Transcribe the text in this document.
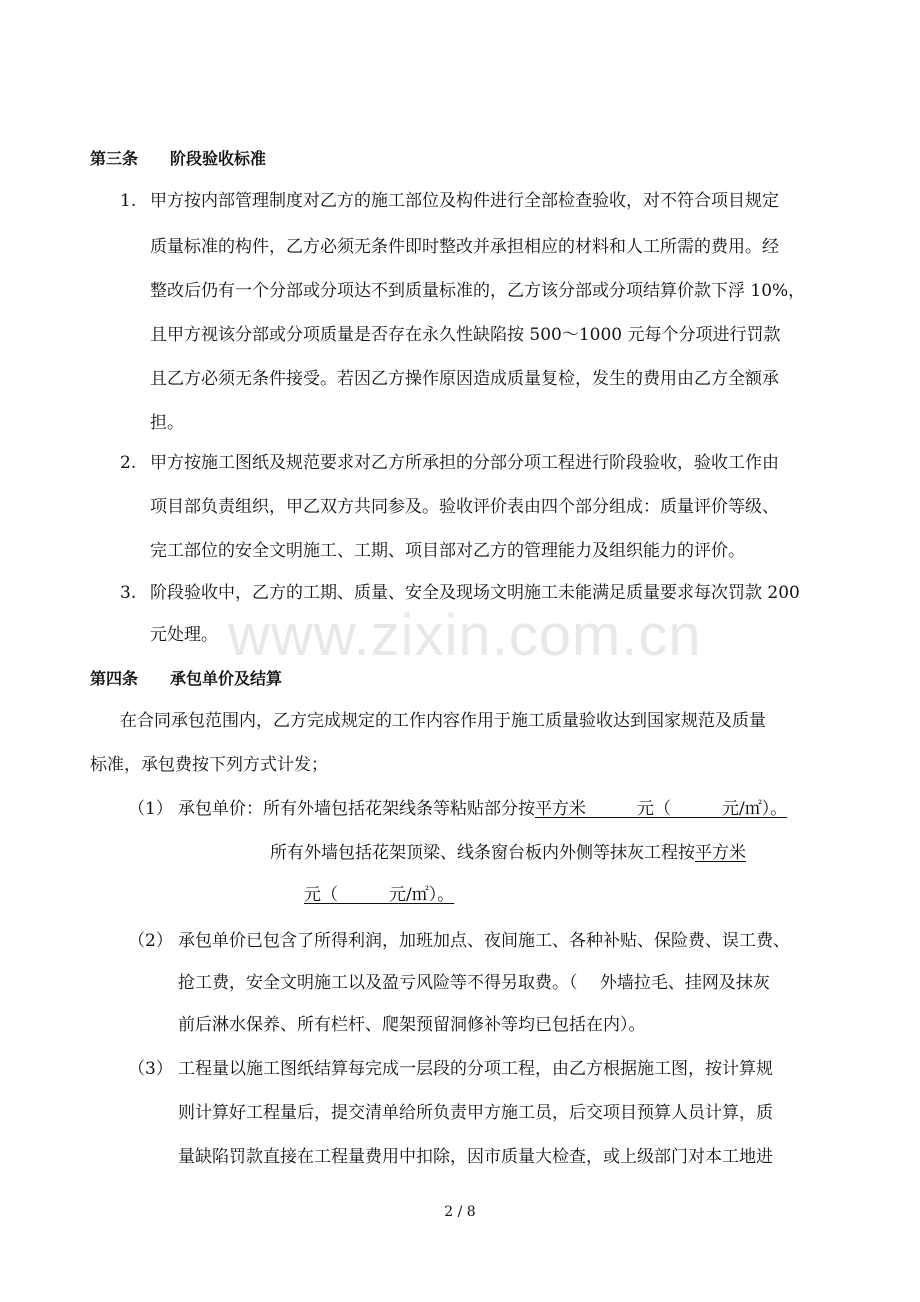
第三条 阶段验收标准
1. 甲方按内部管理制度对乙方的施工部位及构件进行全部检查验收，对不符合项目规定
质量标准的构件，乙方必须无条件即时整改并承担相应的材料和人工所需的费用。经
整改后仍有一个分部或分项达不到质量标准的，乙方该分部或分项结算价款下浮 10%，
且甲方视该分部或分项质量是否存在永久性缺陷按 500～1000 元每个分项进行罚款
且乙方必须无条件接受。若因乙方操作原因造成质量复检，发生的费用由乙方全额承
担。
2. 甲方按施工图纸及规范要求对乙方所承担的分部分项工程进行阶段验收，验收工作由
项目部负责组织，甲乙双方共同参及。验收评价表由四个部分组成：质量评价等级、
完工部位的安全文明施工、工期、项目部对乙方的管理能力及组织能力的评价。
3. 阶段验收中，乙方的工期、质量、安全及现场文明施工未能满足质量要求每次罚款 200
元处理。 www.zixin.com.cn
第四条 承包单价及结算
在合同承包范围内，乙方完成规定的工作内容作用于施工质量验收达到国家规范及质量
标准，承包费按下列方式计发；
（1） 承包单价：所有外墙包括花架线条等粘贴部分按平方米　　　元（　　　元/㎡）。
所有外墙包括花架顶梁、线条窗台板内外侧等抹灰工程按平方米
元（　　　元/㎡）。
（2） 承包单价已包含了所得利润，加班加点、夜间施工、各种补贴、保险费、误工费、
抢工费，安全文明施工以及盈亏风险等不得另取费。（　 外墙拉毛、挂网及抹灰
前后淋水保养、所有栏杆、爬架预留洞修补等均已包括在内）。
（3） 工程量以施工图纸结算每完成一层段的分项工程，由乙方根据施工图，按计算规
则计算好工程量后，提交清单给所负责甲方施工员，后交项目预算人员计算，质
量缺陷罚款直接在工程量费用中扣除，因市质量大检查，或上级部门对本工地进
2 / 8
